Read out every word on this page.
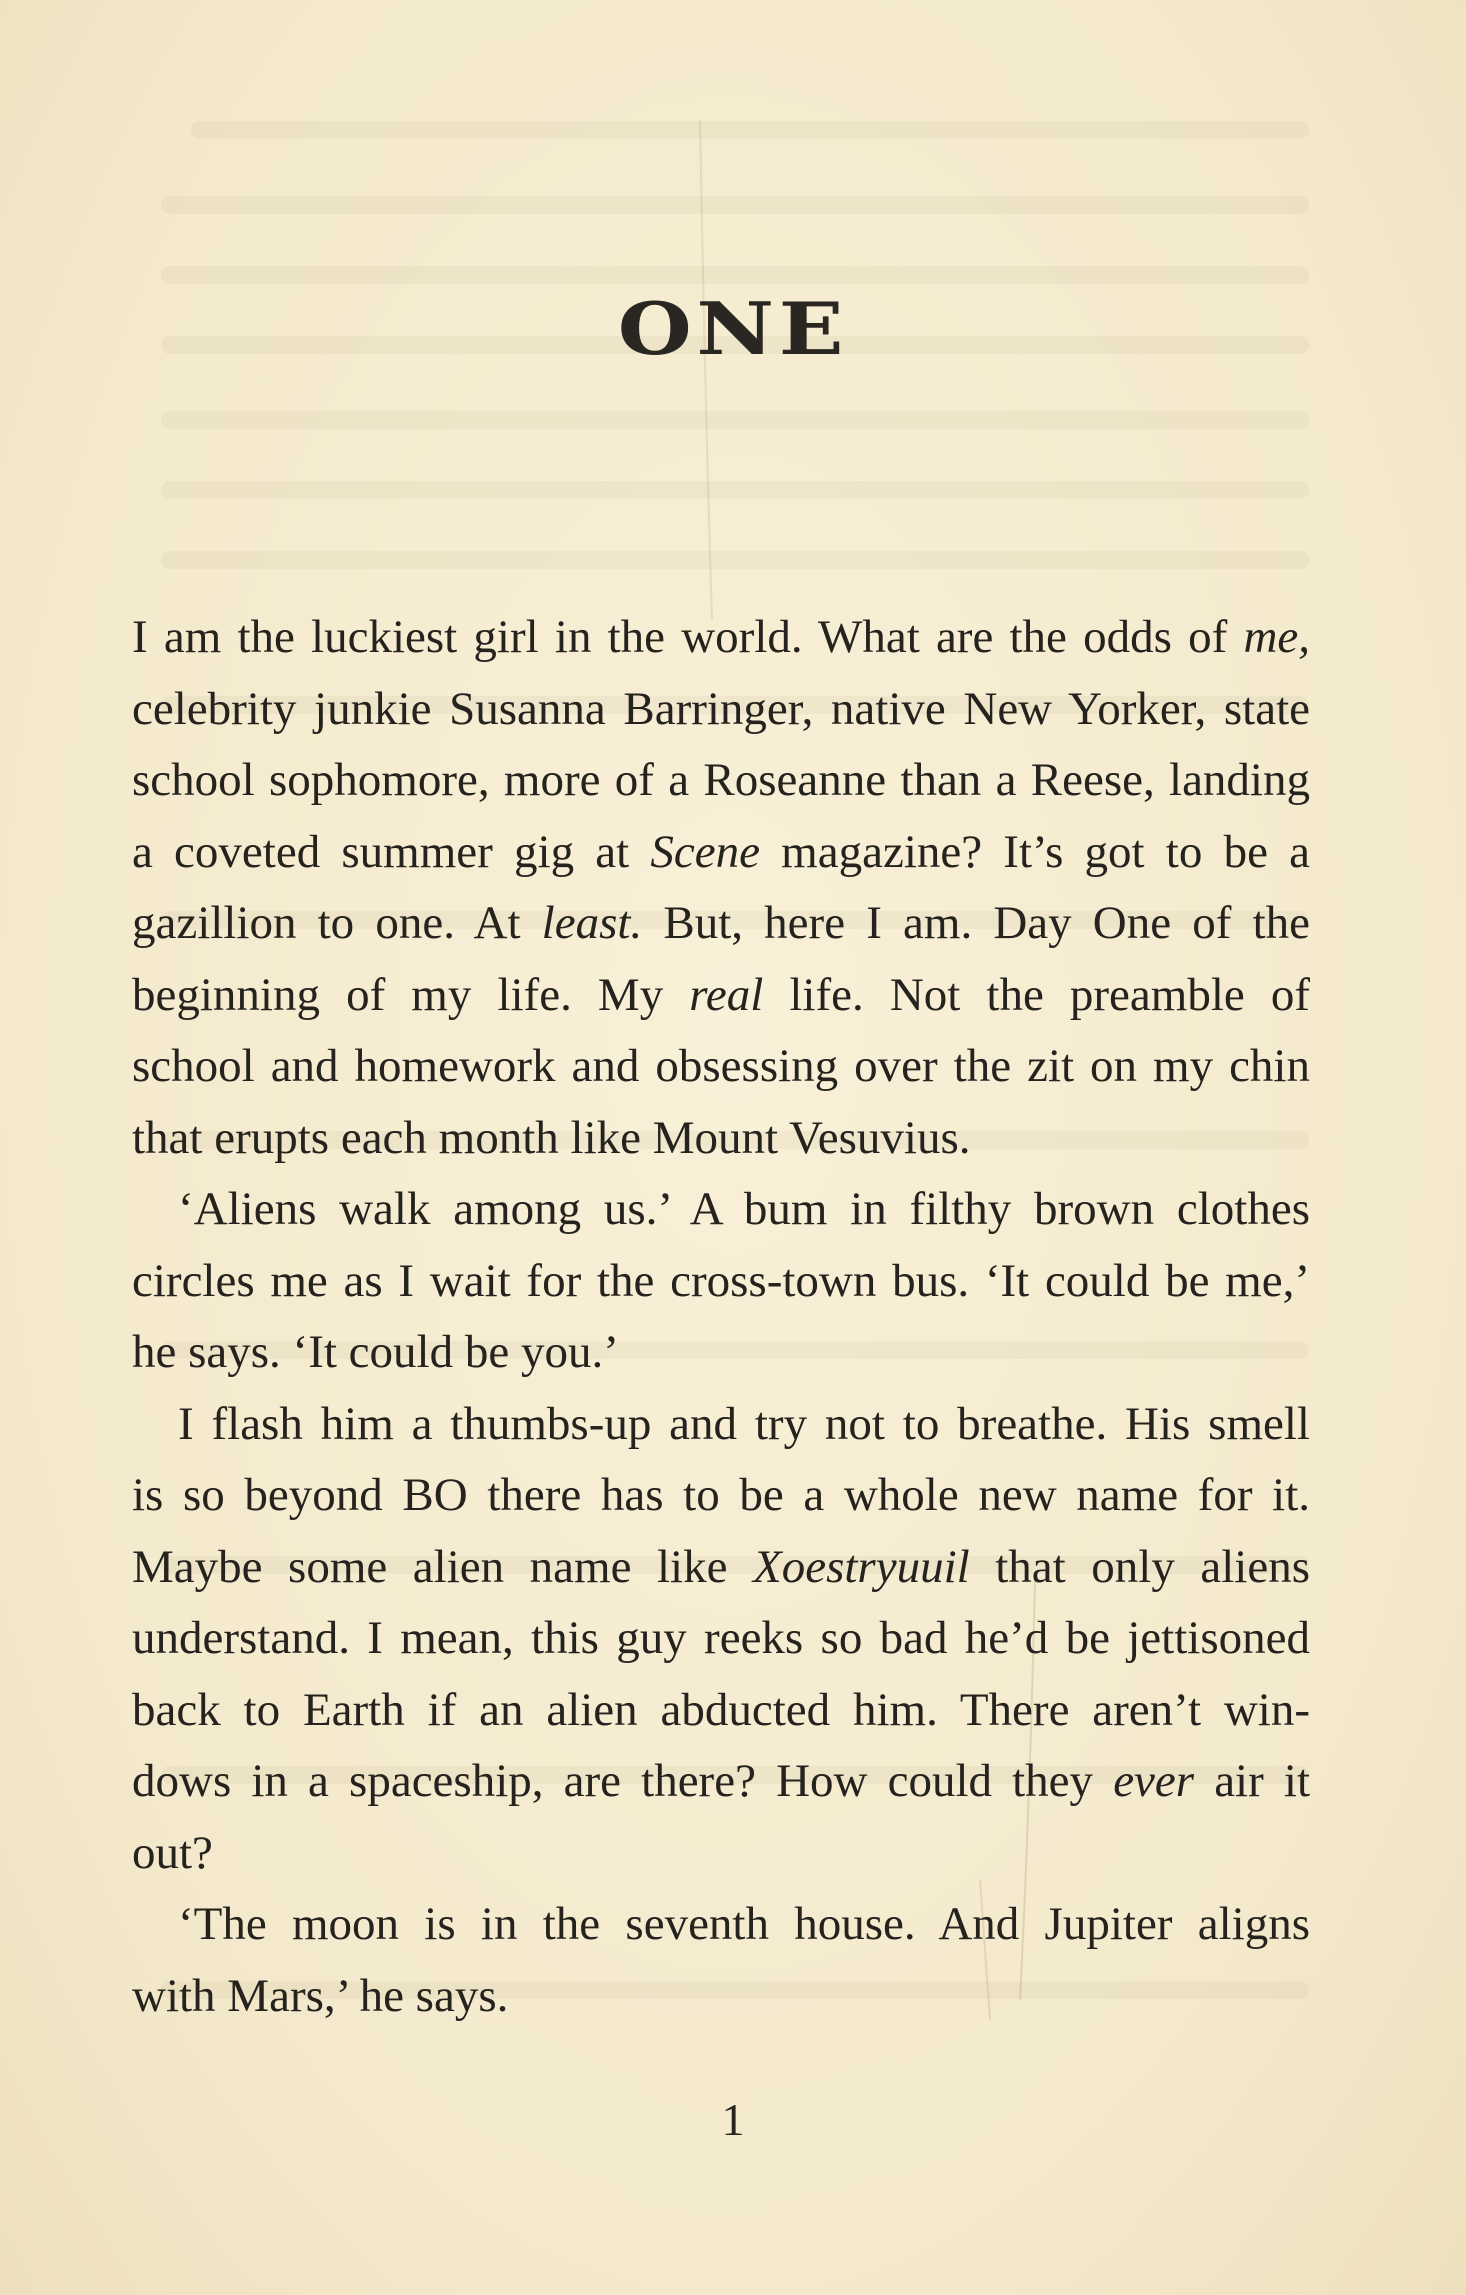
ONE
I am the luckiest girl in the world. What are the odds of me,
celebrity junkie Susanna Barringer, native New Yorker, state
school sophomore, more of a Roseanne than a Reese, landing
a coveted summer gig at Scene magazine? It’s got to be a
gazillion to one. At least. But, here I am. Day One of the
beginning of my life. My real life. Not the preamble of
school and homework and obsessing over the zit on my chin
that erupts each month like Mount Vesuvius.
‘Aliens walk among us.’ A bum in filthy brown clothes
circles me as I wait for the cross-town bus. ‘It could be me,’
he says. ‘It could be you.’
I flash him a thumbs-up and try not to breathe. His smell
is so beyond BO there has to be a whole new name for it.
Maybe some alien name like Xoestryuuil that only aliens
understand. I mean, this guy reeks so bad he’d be jettisoned
back to Earth if an alien abducted him. There aren’t win-
dows in a spaceship, are there? How could they ever air it
out?
‘The moon is in the seventh house. And Jupiter aligns
with Mars,’ he says.
1
